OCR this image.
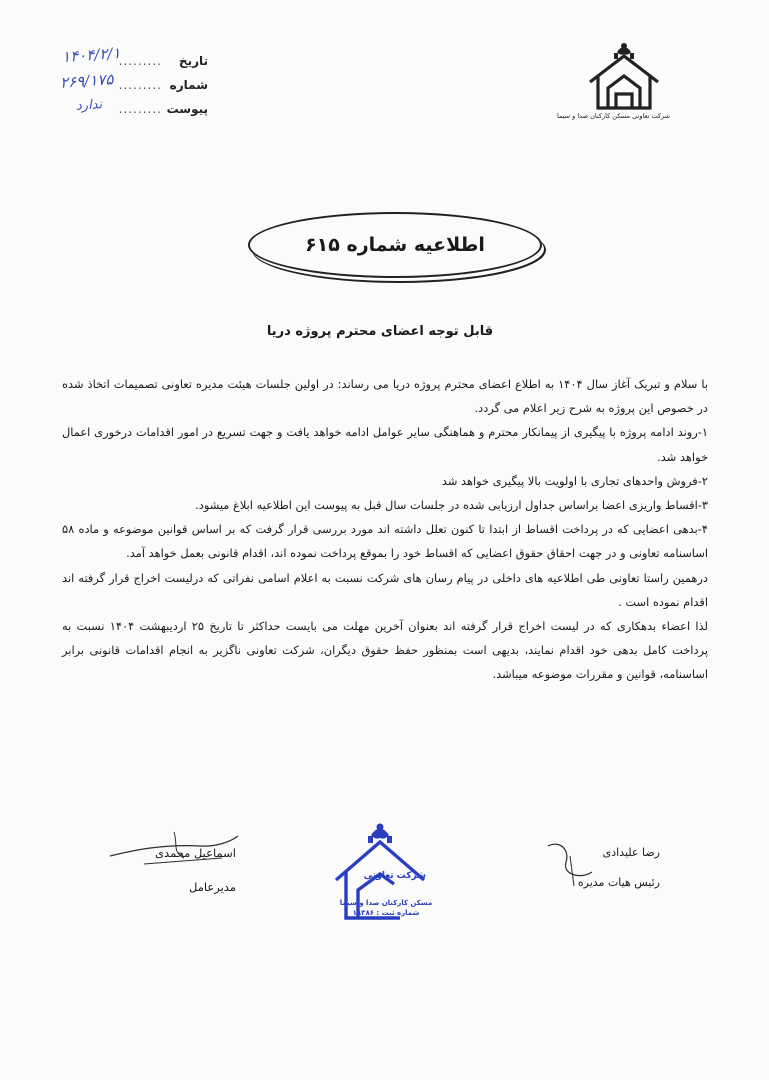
تاریخ
.........
شماره
.........
پیوست
.........
۱۴۰۴/۲/۱
۲۶۹/۱۷۵
ندارد
شرکت تعاونی مسکن کارکنان صدا و سیما
اطلاعیه شماره ۶۱۵
قابل توجه اعضای محترم پروژه دریا

با سلام و تبریک آغاز سال ۱۴۰۴ به اطلاع اعضای محترم پروژه دریا می رساند: در اولین جلسات هیئت مدیره تعاونی تصمیمات اتخاذ شده در خصوص این پروژه به شرح زیر اعلام می گردد.

۱-روند ادامه پروژه با پیگیری از پیمانکار محترم و هماهنگی سایر عوامل ادامه خواهد یافت و جهت تسریع در امور اقدامات درخوری اعمال خواهد شد.

۲-فروش واحدهای تجاری با اولویت بالا پیگیری خواهد شد

۳-اقساط واریزی اعضا براساس جداول ارزیابی شده در جلسات سال قبل به پیوست این اطلاعیه ابلاغ میشود.

۴-بدهی اعضایی که در پرداخت اقساط از ابتدا تا کنون تعلل داشته اند مورد بررسی قرار گرفت که بر اساس قوانین موضوعه و ماده ۵۸ اساسنامه تعاونی و در جهت احقاق حقوق اعضایی که اقساط خود را بموقع پرداخت نموده اند، اقدام قانونی بعمل خواهد آمد.

درهمین راستا تعاونی طی اطلاعیه های داخلی در پیام رسان های شرکت نسبت به اعلام اسامی نفراتی که درلیست اخراج قرار گرفته اند اقدام نموده است .

لذا اعضاء بدهکاری که در لیست اخراج قرار گرفته اند بعنوان آخرین مهلت می بایست حداکثر تا تاریخ ۲۵ اردیبهشت ۱۴۰۴ نسبت به پرداخت کامل بدهی خود اقدام نمایند، بدیهی است بمنظور حفظ حقوق دیگران، شرکت تعاونی ناگزیر به انجام اقدامات قانونی برابر اساسنامه، قوانین و مقررات موضوعه میباشد.

رضا علیدادی
رئیس هیات مدیره
شرکت تعاونی
مسکن کارکنان صدا و سیما
شماره ثبت : ۱۸۳۸۶
اسماعیل محمدی
مدیرعامل
